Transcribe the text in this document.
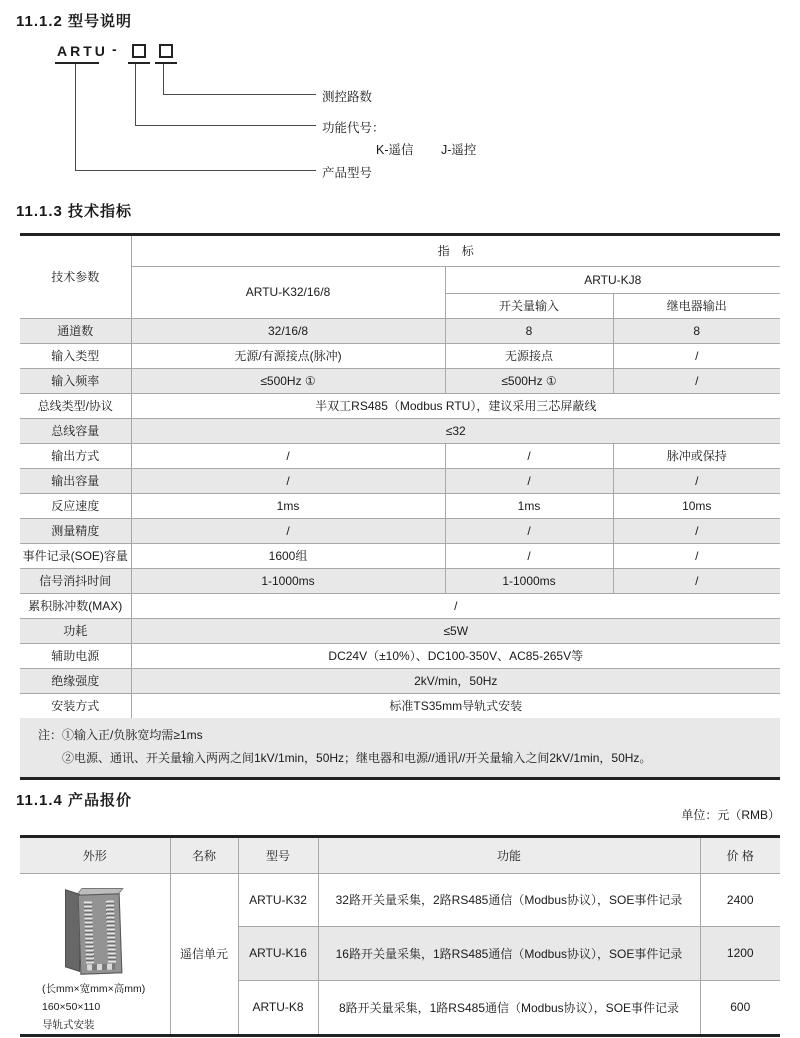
11.1.2 型号说明
ARTU -
测控路数
功能代号：
K-遥信 J-遥控
产品型号
11.1.3 技术指标
技术参数	指　标		
	ARTU-K32/16/8	ARTU-KJ8	
		开关量输入	继电器输出
通道数	32/16/8	8	8
输入类型	无源/有源接点(脉冲)	无源接点	/
输入频率	≤500Hz ①	≤500Hz ①	/
总线类型/协议	半双工RS485（Modbus RTU），建议采用三芯屏蔽线		
总线容量	≤32		
输出方式	/	/	脉冲或保持
输出容量	/	/	/
反应速度	1ms	1ms	10ms
测量精度	/	/	/
事件记录(SOE)容量	1600组	/	/
信号消抖时间	1-1000ms	1-1000ms	/
累积脉冲数(MAX)	/		
功耗	≤5W		
辅助电源	DC24V（±10%）、DC100-350V、AC85-265V等		
绝缘强度	2kV/min，50Hz		
安装方式	标准TS35mm导轨式安装		
注：①输入正/负脉宽均需≥1ms
②电源、通讯、开关量输入两两之间1kV/1min，50Hz；继电器和电源//通讯//开关量输入之间2kV/1min，50Hz。
11.1.4 产品报价
单位：元（RMB）
外形	名称	型号	功能	价 格

(长mm×宽mm×高mm)
160×50×110
导轨式安装	遥信单元	ARTU-K32	32路开关量采集，2路RS485通信（Modbus协议），SOE事件记录	2400
		ARTU-K16	16路开关量采集，1路RS485通信（Modbus协议），SOE事件记录	1200
		ARTU-K8	8路开关量采集，1路RS485通信（Modbus协议），SOE事件记录	600
